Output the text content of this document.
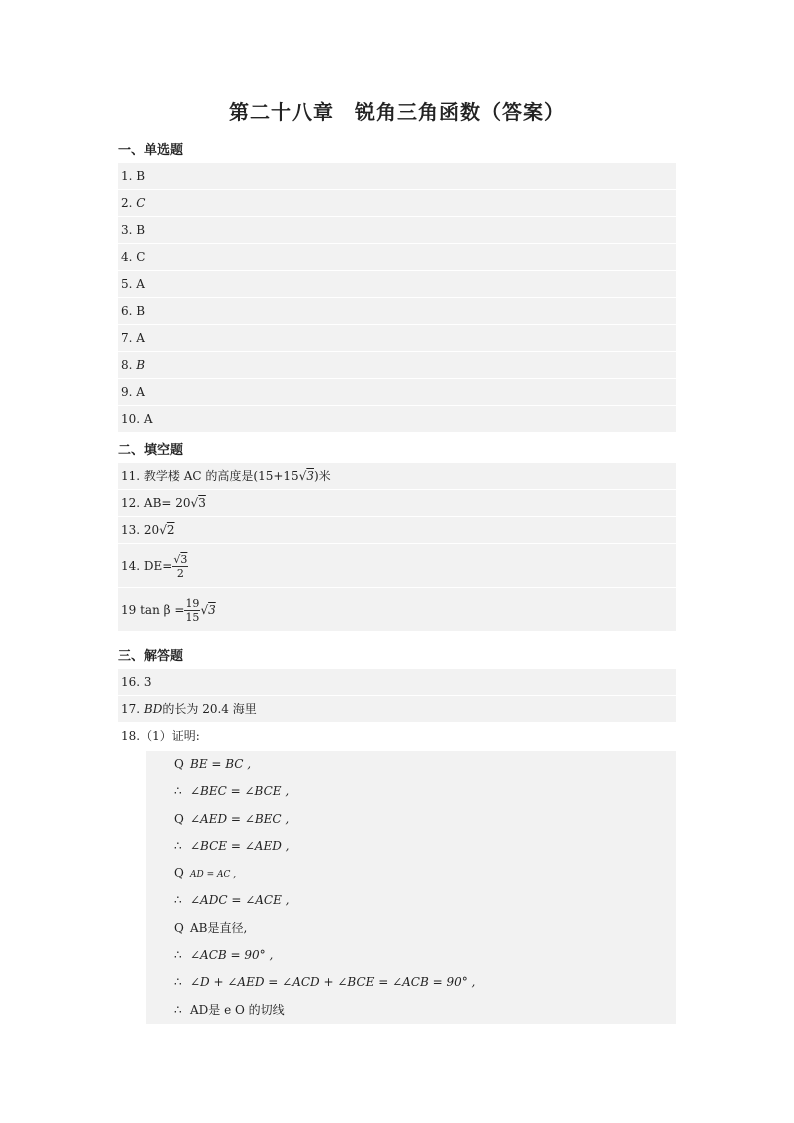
第二十八章　锐角三角函数（答案）
一、单选题
1. B
2. C
3. B
4. C
5. A
6. B
7. A
8. B
9. A
10. A
二、填空题
11. 教学楼 AC 的高度是(15+15√3)米
12. AB= 20√3
13. 20√2
14. $DE= \frac{√3}{2}$
19 $\tan \beta = \frac{19}{15} √3$
三、解答题
16. 3
17. BD的长为 20.4 海里
18.（1）证明:
Q BE = BC ,
∴ ∠BEC = ∠BCE ,
Q ∠AED = ∠BEC ,
∴ ∠BCE = ∠AED ,
Q AD = AC ,
∴ ∠ADC = ∠ACE ,
Q AB是直径,
∴ ∠ACB = 90° ,
∴ ∠D + ∠AED = ∠ACD + ∠BCE = ∠ACB = 90° ,
∴ AD是 e O 的切线
